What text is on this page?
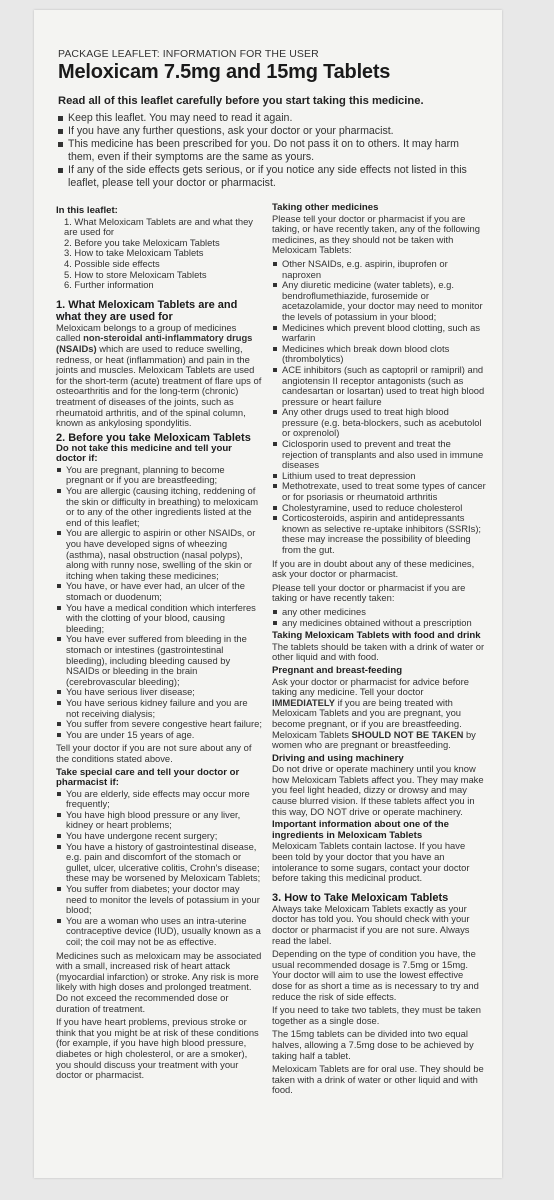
PACKAGE LEAFLET: INFORMATION FOR THE USER
Meloxicam 7.5mg and 15mg Tablets
Read all of this leaflet carefully before you start taking this medicine.
Keep this leaflet. You may need to read it again.
If you have any further questions, ask your doctor or your pharmacist.
This medicine has been prescribed for you. Do not pass it on to others. It may harm them, even if their symptoms are the same as yours.
If any of the side effects gets serious, or if you notice any side effects not listed in this leaflet, please tell your doctor or pharmacist.
In this leaflet:
1. What Meloxicam Tablets are and what they are used for
2. Before you take Meloxicam Tablets
3. How to take Meloxicam Tablets
4. Possible side effects
5. How to store Meloxicam Tablets
6. Further information
1. What Meloxicam Tablets are and what they are used for

Meloxicam belongs to a group of medicines called non-steroidal anti-inflammatory drugs (NSAIDs) which are used to reduce swelling, redness, or heat (inflammation) and pain in the joints and muscles. Meloxicam Tablets are used for the short-term (acute) treatment of flare ups of osteoarthritis and for the long-term (chronic) treatment of diseases of the joints, such as rheumatoid arthritis, and of the spinal column, known as ankylosing spondylitis.

2. Before you take Meloxicam Tablets
Do not take this medicine and tell your doctor if:
You are pregnant, planning to become pregnant or if you are breastfeeding;
You are allergic (causing itching, reddening of the skin or difficulty in breathing) to meloxicam or to any of the other ingredients listed at the end of this leaflet;
You are allergic to aspirin or other NSAIDs, or you have developed signs of wheezing (asthma), nasal obstruction (nasal polyps), along with runny nose, swelling of the skin or itching when taking these medicines;
You have, or have ever had, an ulcer of the stomach or duodenum;
You have a medical condition which interferes with the clotting of your blood, causing bleeding;
You have ever suffered from bleeding in the stomach or intestines (gastrointestinal bleeding), including bleeding caused by NSAIDs or bleeding in the brain (cerebrovascular bleeding);
You have serious liver disease;
You have serious kidney failure and you are not receiving dialysis;
You suffer from severe congestive heart failure;
You are under 15 years of age.

Tell your doctor if you are not sure about any of the conditions stated above.

Take special care and tell your doctor or pharmacist if:
You are elderly, side effects may occur more frequently;
You have high blood pressure or any liver, kidney or heart problems;
You have undergone recent surgery;
You have a history of gastrointestinal disease, e.g. pain and discomfort of the stomach or gullet, ulcer, ulcerative colitis, Crohn's disease; these may be worsened by Meloxicam Tablets;
You suffer from diabetes; your doctor may need to monitor the levels of potassium in your blood;
You are a woman who uses an intra-uterine contraceptive device (IUD), usually known as a coil; the coil may not be as effective.

Medicines such as meloxicam may be associated with a small, increased risk of heart attack (myocardial infarction) or stroke. Any risk is more likely with high doses and prolonged treatment. Do not exceed the recommended dose or duration of treatment.

If you have heart problems, previous stroke or think that you might be at risk of these conditions (for example, if you have high blood pressure, diabetes or high cholesterol, or are a smoker), you should discuss your treatment with your doctor or pharmacist.

Taking other medicines

Please tell your doctor or pharmacist if you are taking, or have recently taken, any of the following medicines, as they should not be taken with Meloxicam Tablets:

Other NSAIDs, e.g. aspirin, ibuprofen or naproxen
Any diuretic medicine (water tablets), e.g. bendroflumethiazide, furosemide or acetazolamide, your doctor may need to monitor the levels of potassium in your blood;
Medicines which prevent blood clotting, such as warfarin
Medicines which break down blood clots (thrombolytics)
ACE inhibitors (such as captopril or ramipril) and angiotensin II receptor antagonists (such as candesartan or losartan) used to treat high blood pressure or heart failure
Any other drugs used to treat high blood pressure (e.g. beta-blockers, such as acebutolol or oxprenolol)
Ciclosporin used to prevent and treat the rejection of transplants and also used in immune diseases
Lithium used to treat depression
Methotrexate, used to treat some types of cancer or for psoriasis or rheumatoid arthritis
Cholestyramine, used to reduce cholesterol
Corticosteroids, aspirin and antidepressants known as selective re-uptake inhibitors (SSRIs); these may increase the possibility of bleeding from the gut.

If you are in doubt about any of these medicines, ask your doctor or pharmacist.

Please tell your doctor or pharmacist if you are taking or have recently taken:

any other medicines
any medicines obtained without a prescription
Taking Meloxicam Tablets with food and drink

The tablets should be taken with a drink of water or other liquid and with food.

Pregnant and breast-feeding

Ask your doctor or pharmacist for advice before taking any medicine. Tell your doctor IMMEDIATELY if you are being treated with Meloxicam Tablets and you are pregnant, you become pregnant, or if you are breastfeeding. Meloxicam Tablets SHOULD NOT BE TAKEN by women who are pregnant or breastfeeding.

Driving and using machinery

Do not drive or operate machinery until you know how Meloxicam Tablets affect you. They may make you feel light headed, dizzy or drowsy and may cause blurred vision. If these tablets affect you in this way, DO NOT drive or operate machinery.

Important information about one of the ingredients in Meloxicam Tablets

Meloxicam Tablets contain lactose. If you have been told by your doctor that you have an intolerance to some sugars, contact your doctor before taking this medicinal product.

3. How to Take Meloxicam Tablets

Always take Meloxicam Tablets exactly as your doctor has told you. You should check with your doctor or pharmacist if you are not sure. Always read the label.

Depending on the type of condition you have, the usual recommended dosage is 7.5mg or 15mg. Your doctor will aim to use the lowest effective dose for as short a time as is necessary to try and reduce the risk of side effects.

If you need to take two tablets, they must be taken together as a single dose.

The 15mg tablets can be divided into two equal halves, allowing a 7.5mg dose to be achieved by taking half a tablet.

Meloxicam Tablets are for oral use. They should be taken with a drink of water or other liquid and with food.
